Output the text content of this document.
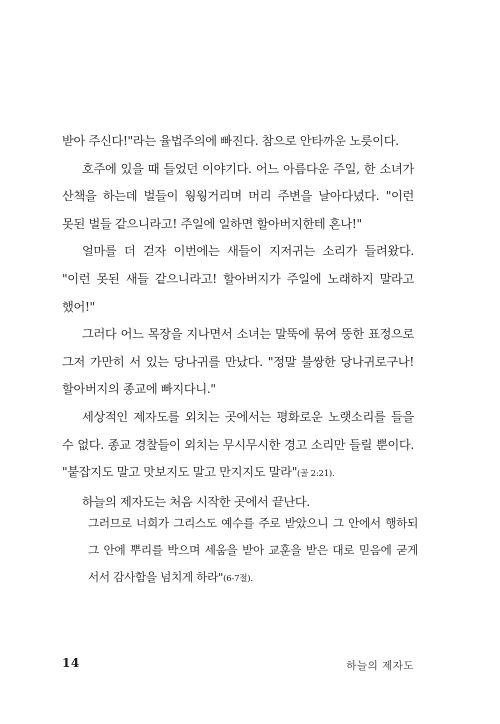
받아 주신다!"라는 율법주의에 빠진다. 참으로 안타까운 노릇이다.

호주에 있을 때 들었던 이야기다. 어느 아름다운 주일, 한 소녀가 산책을 하는데 벌들이 웡웡거리며 머리 주변을 날아다녔다. "이런 못된 벌들 같으니라고! 주일에 일하면 할아버지한테 혼나!"

얼마를 더 걷자 이번에는 새들이 지저귀는 소리가 들려왔다. "이런 못된 새들 같으니라고! 할아버지가 주일에 노래하지 말라고 했어!"

그러다 어느 목장을 지나면서 소녀는 말뚝에 묶여 뚱한 표정으로 그저 가만히 서 있는 당나귀를 만났다. "정말 불쌍한 당나귀로구나! 할아버지의 종교에 빠지다니."

세상적인 제자도를 외치는 곳에서는 평화로운 노랫소리를 들을 수 없다. 종교 경찰들이 외치는 무시무시한 경고 소리만 들릴 뿐이다. "붙잡지도 말고 맛보지도 말고 만지지도 말라"(골 2:21).

하늘의 제자도는 처음 시작한 곳에서 끝난다.

그러므로 너희가 그리스도 예수를 주로 받았으니 그 안에서 행하되 그 안에 뿌리를 박으며 세움을 받아 교훈을 받은 대로 믿음에 굳게 서서 감사함을 넘치게 하라"(6-7절).

14	하늘의 제자도
